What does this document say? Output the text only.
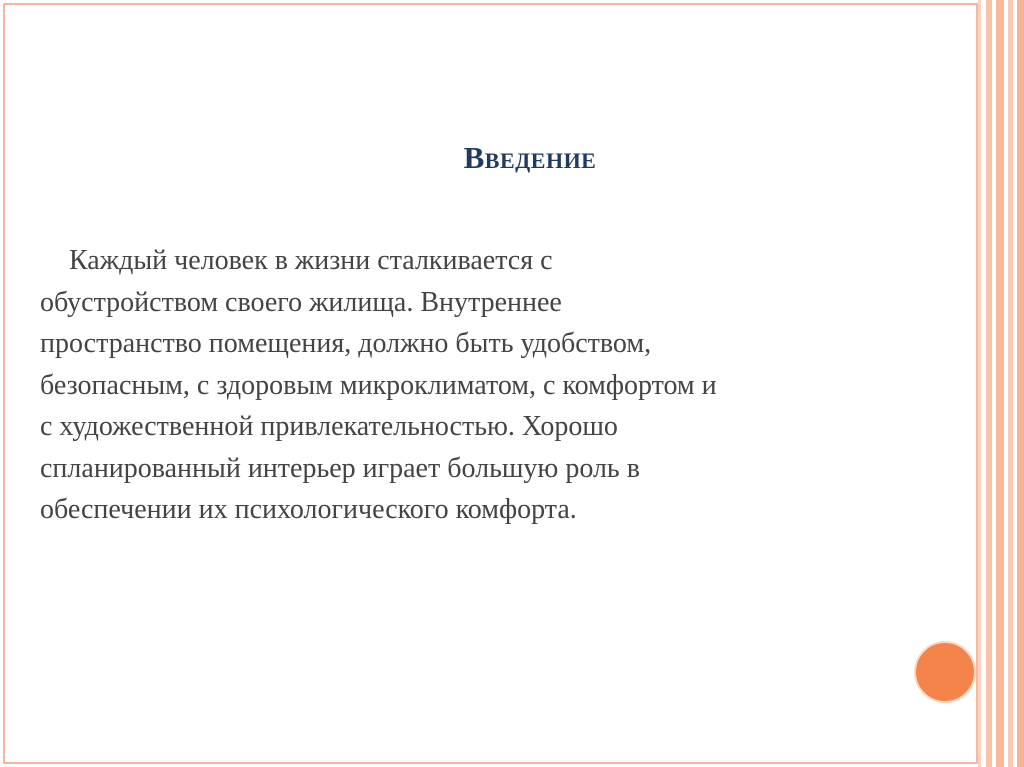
Введение
Каждый человек в жизни сталкивается с
обустройством своего жилища. Внутреннее
пространство помещения, должно быть удобством,
безопасным, с здоровым микроклиматом, с комфортом и
с художественной привлекательностью. Хорошо
спланированный интерьер играет большую роль в
обеспечении их психологического комфорта.
